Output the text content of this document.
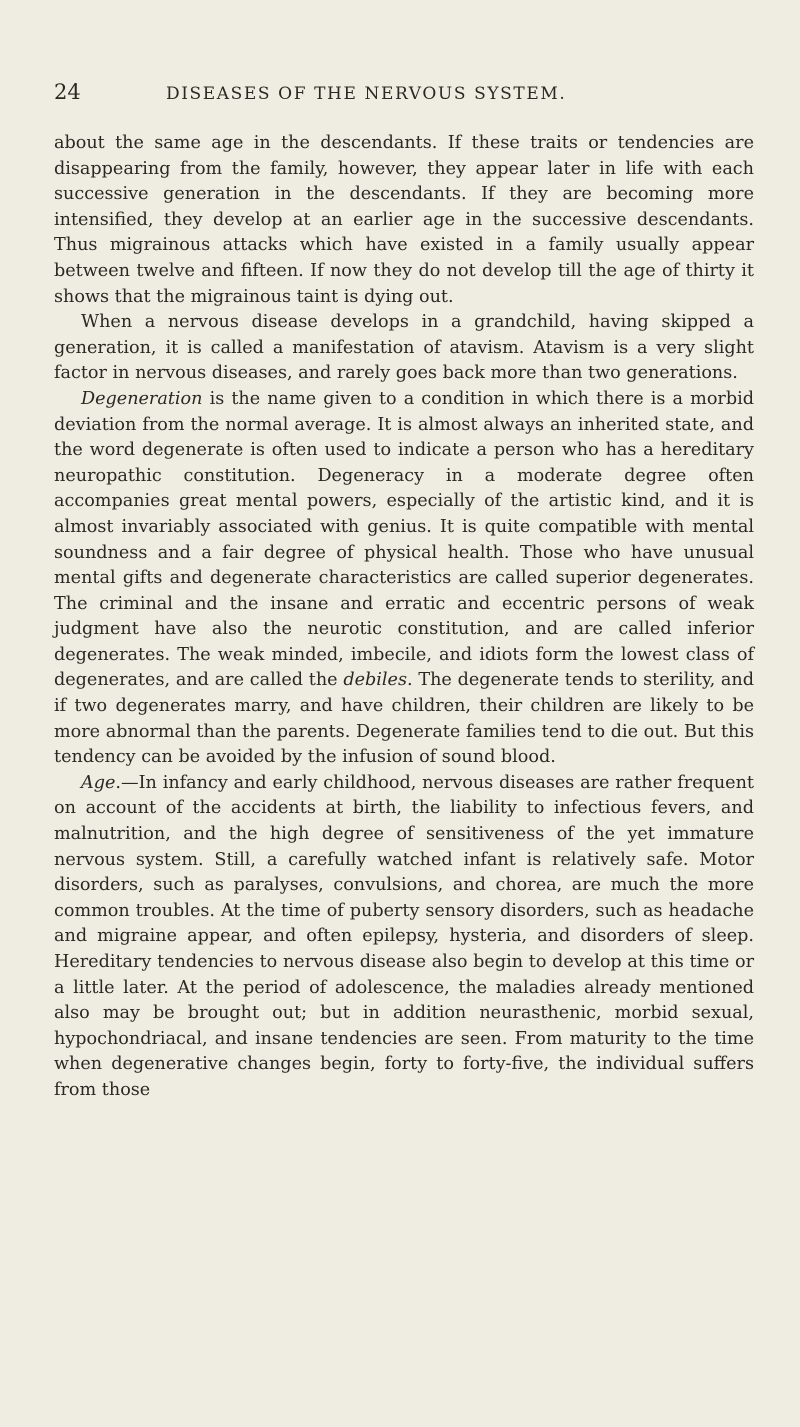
24	DISEASES OF THE NERVOUS SYSTEM.

about the same age in the descendants. If these traits or tendencies are disappearing from the family, however, they appear later in life with each successive generation in the descendants. If they are becoming more intensified, they develop at an earlier age in the successive descendants. Thus migrainous attacks which have existed in a family usually appear between twelve and fifteen. If now they do not develop till the age of thirty it shows that the migrainous taint is dying out.

When a nervous disease develops in a grandchild, having skipped a generation, it is called a manifestation of atavism. Atavism is a very slight factor in nervous diseases, and rarely goes back more than two generations.

Degeneration is the name given to a condition in which there is a morbid deviation from the normal average. It is almost always an inherited state, and the word degenerate is often used to indicate a person who has a hereditary neuropathic constitution. Degeneracy in a moderate degree often accompanies great mental powers, especially of the artistic kind, and it is almost invariably associated with genius. It is quite compatible with mental soundness and a fair degree of physical health. Those who have unusual mental gifts and degenerate characteristics are called superior degenerates. The criminal and the insane and erratic and eccentric persons of weak judgment have also the neurotic constitution, and are called inferior degenerates. The weak minded, imbecile, and idiots form the lowest class of degenerates, and are called the debiles. The degenerate tends to sterility, and if two degenerates marry, and have children, their children are likely to be more abnormal than the parents. Degenerate families tend to die out. But this tendency can be avoided by the infusion of sound blood.

Age.—In infancy and early childhood, nervous diseases are rather frequent on account of the accidents at birth, the liability to infectious fevers, and malnutrition, and the high degree of sensitiveness of the yet immature nervous system. Still, a carefully watched infant is relatively safe. Motor disorders, such as paralyses, convulsions, and chorea, are much the more common troubles. At the time of puberty sensory disorders, such as headache and migraine appear, and often epilepsy, hysteria, and disorders of sleep. Hereditary tendencies to nervous disease also begin to develop at this time or a little later. At the period of adolescence, the maladies already mentioned also may be brought out; but in addition neurasthenic, morbid sexual, hypochondriacal, and insane tendencies are seen. From maturity to the time when degenerative changes begin, forty to forty-five, the individual suffers from those
